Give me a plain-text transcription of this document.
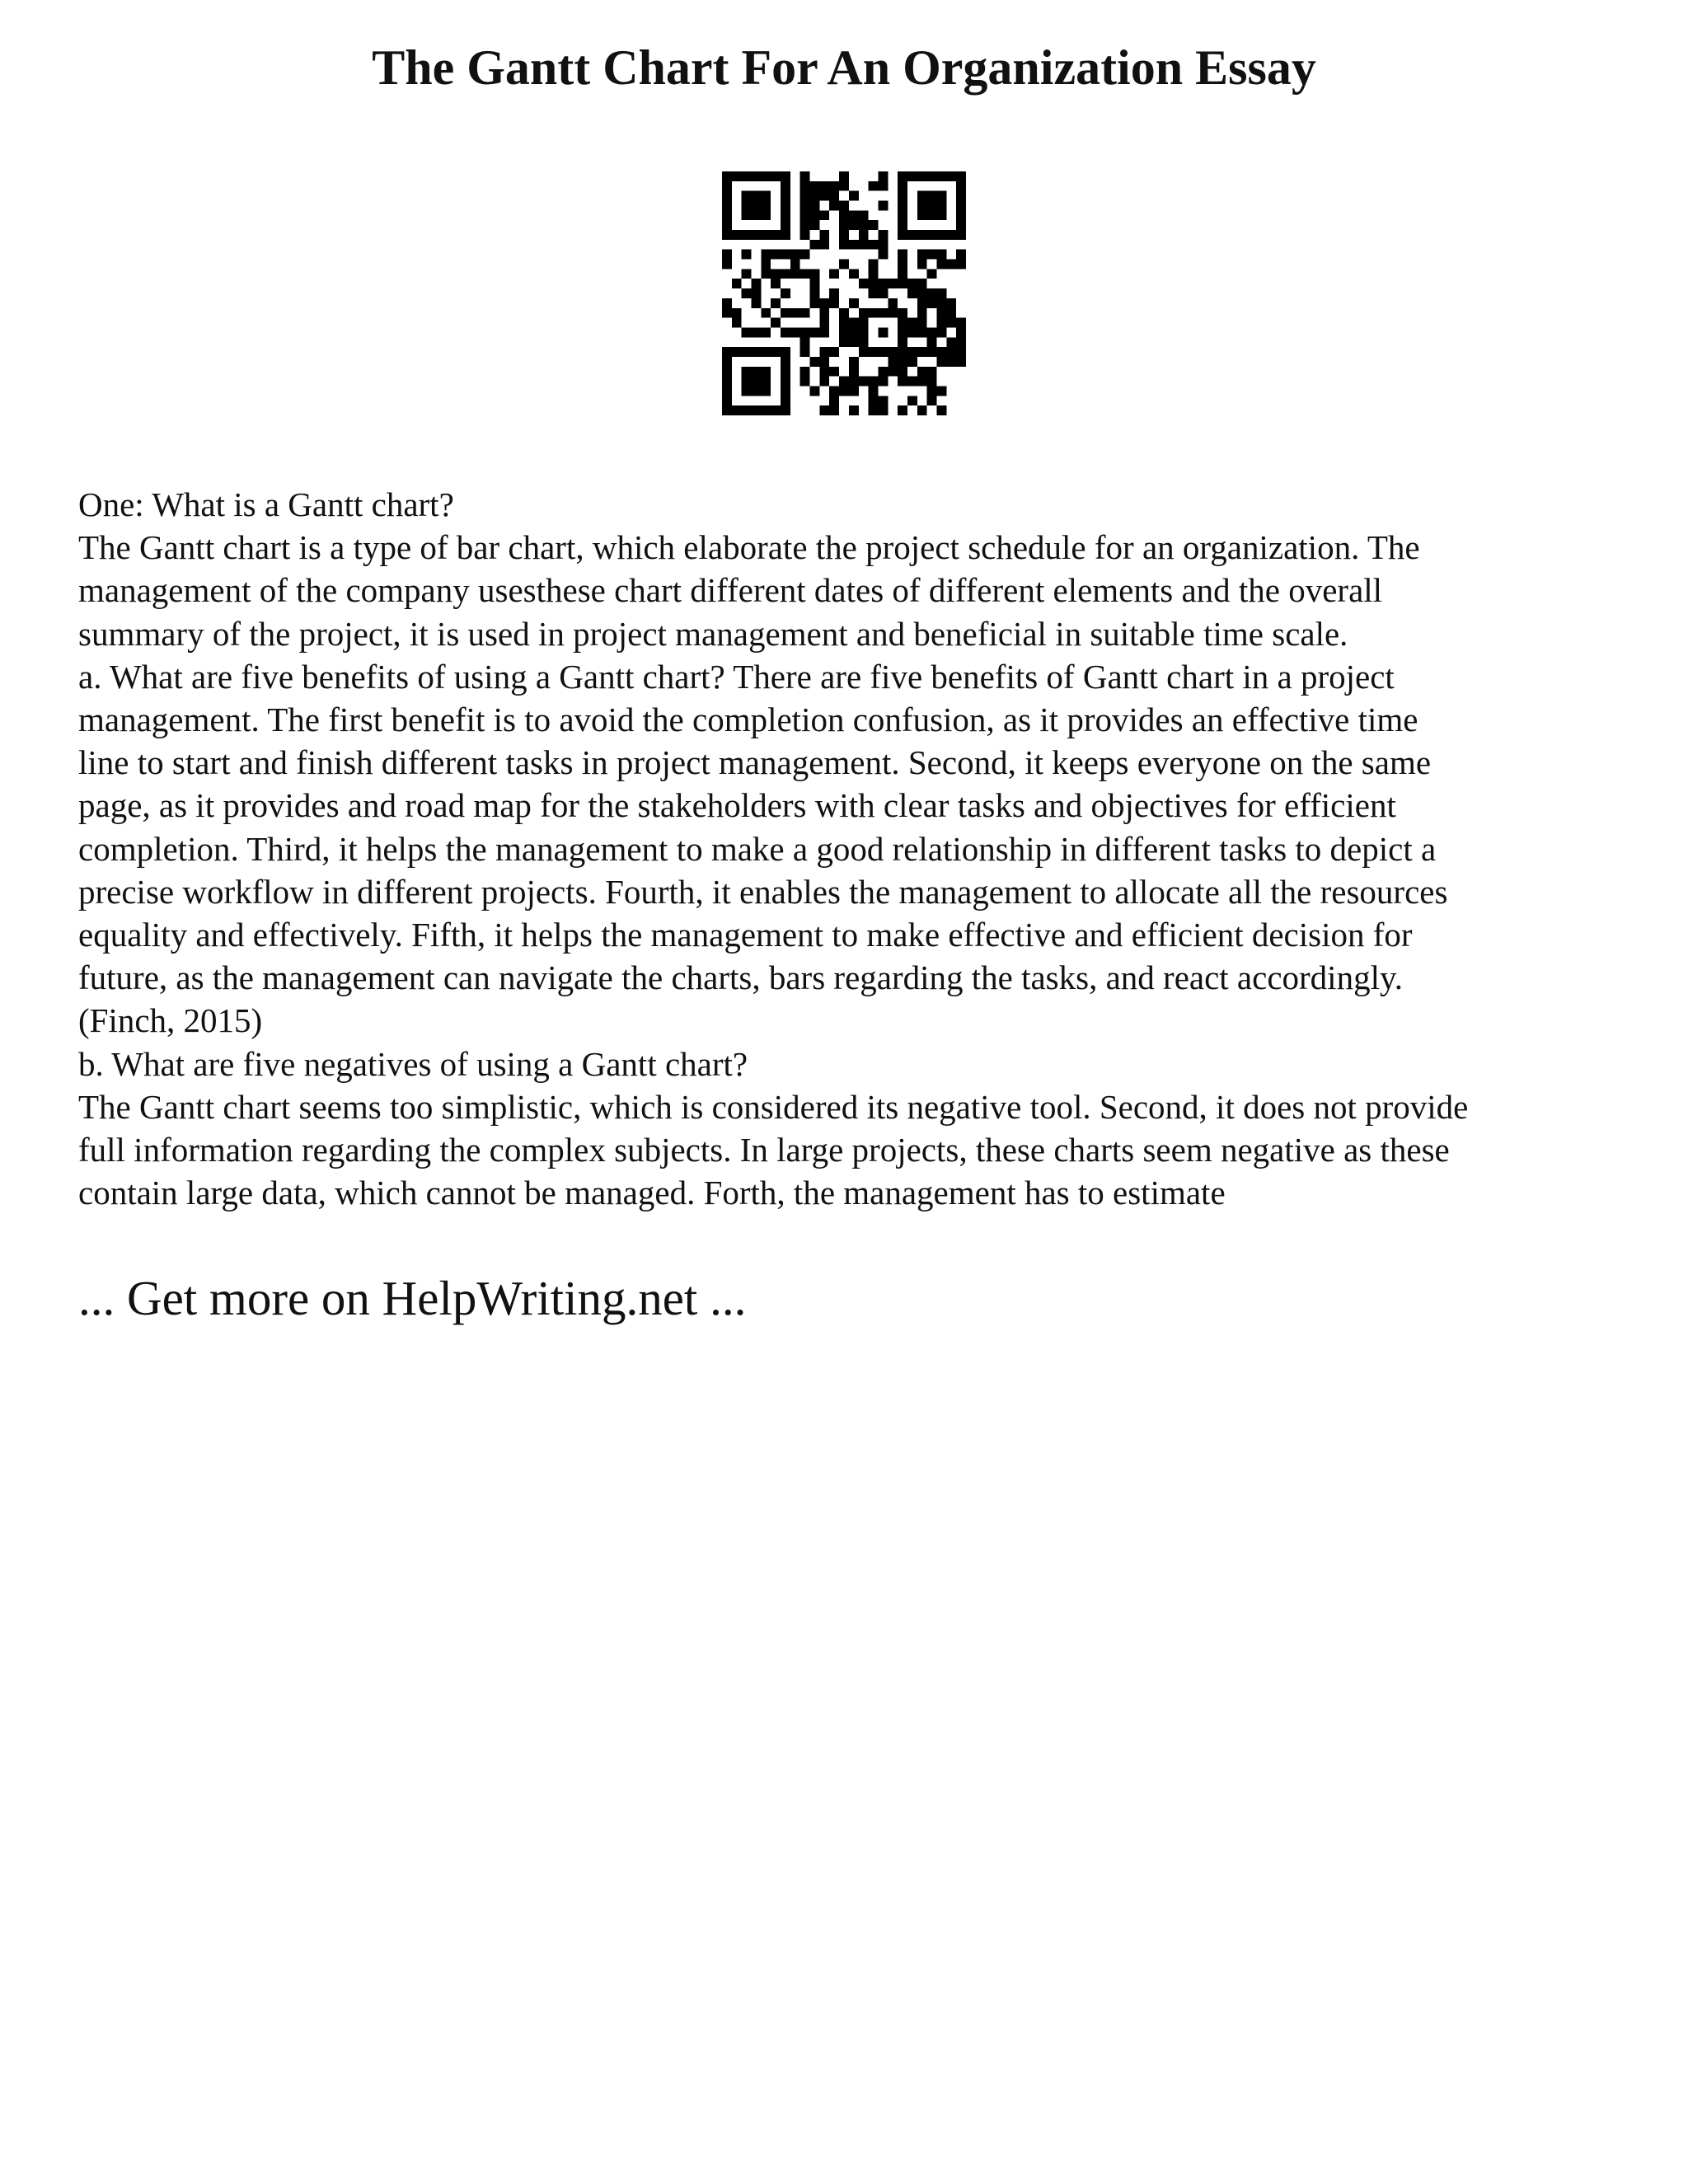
The Gantt Chart For An Organization Essay
One: What is a Gantt chart?
The Gantt chart is a type of bar chart, which elaborate the project schedule for an organization. The
management of the company usesthese chart different dates of different elements and the overall
summary of the project, it is used in project management and beneficial in suitable time scale.
a. What are five benefits of using a Gantt chart? There are five benefits of Gantt chart in a project
management. The first benefit is to avoid the completion confusion, as it provides an effective time
line to start and finish different tasks in project management. Second, it keeps everyone on the same
page, as it provides and road map for the stakeholders with clear tasks and objectives for efficient
completion. Third, it helps the management to make a good relationship in different tasks to depict a
precise workflow in different projects. Fourth, it enables the management to allocate all the resources
equality and effectively. Fifth, it helps the management to make effective and efficient decision for
future, as the management can navigate the charts, bars regarding the tasks, and react accordingly.
(Finch, 2015)
b. What are five negatives of using a Gantt chart?
The Gantt chart seems too simplistic, which is considered its negative tool. Second, it does not provide
full information regarding the complex subjects. In large projects, these charts seem negative as these
contain large data, which cannot be managed. Forth, the management has to estimate
... Get more on HelpWriting.net ...
